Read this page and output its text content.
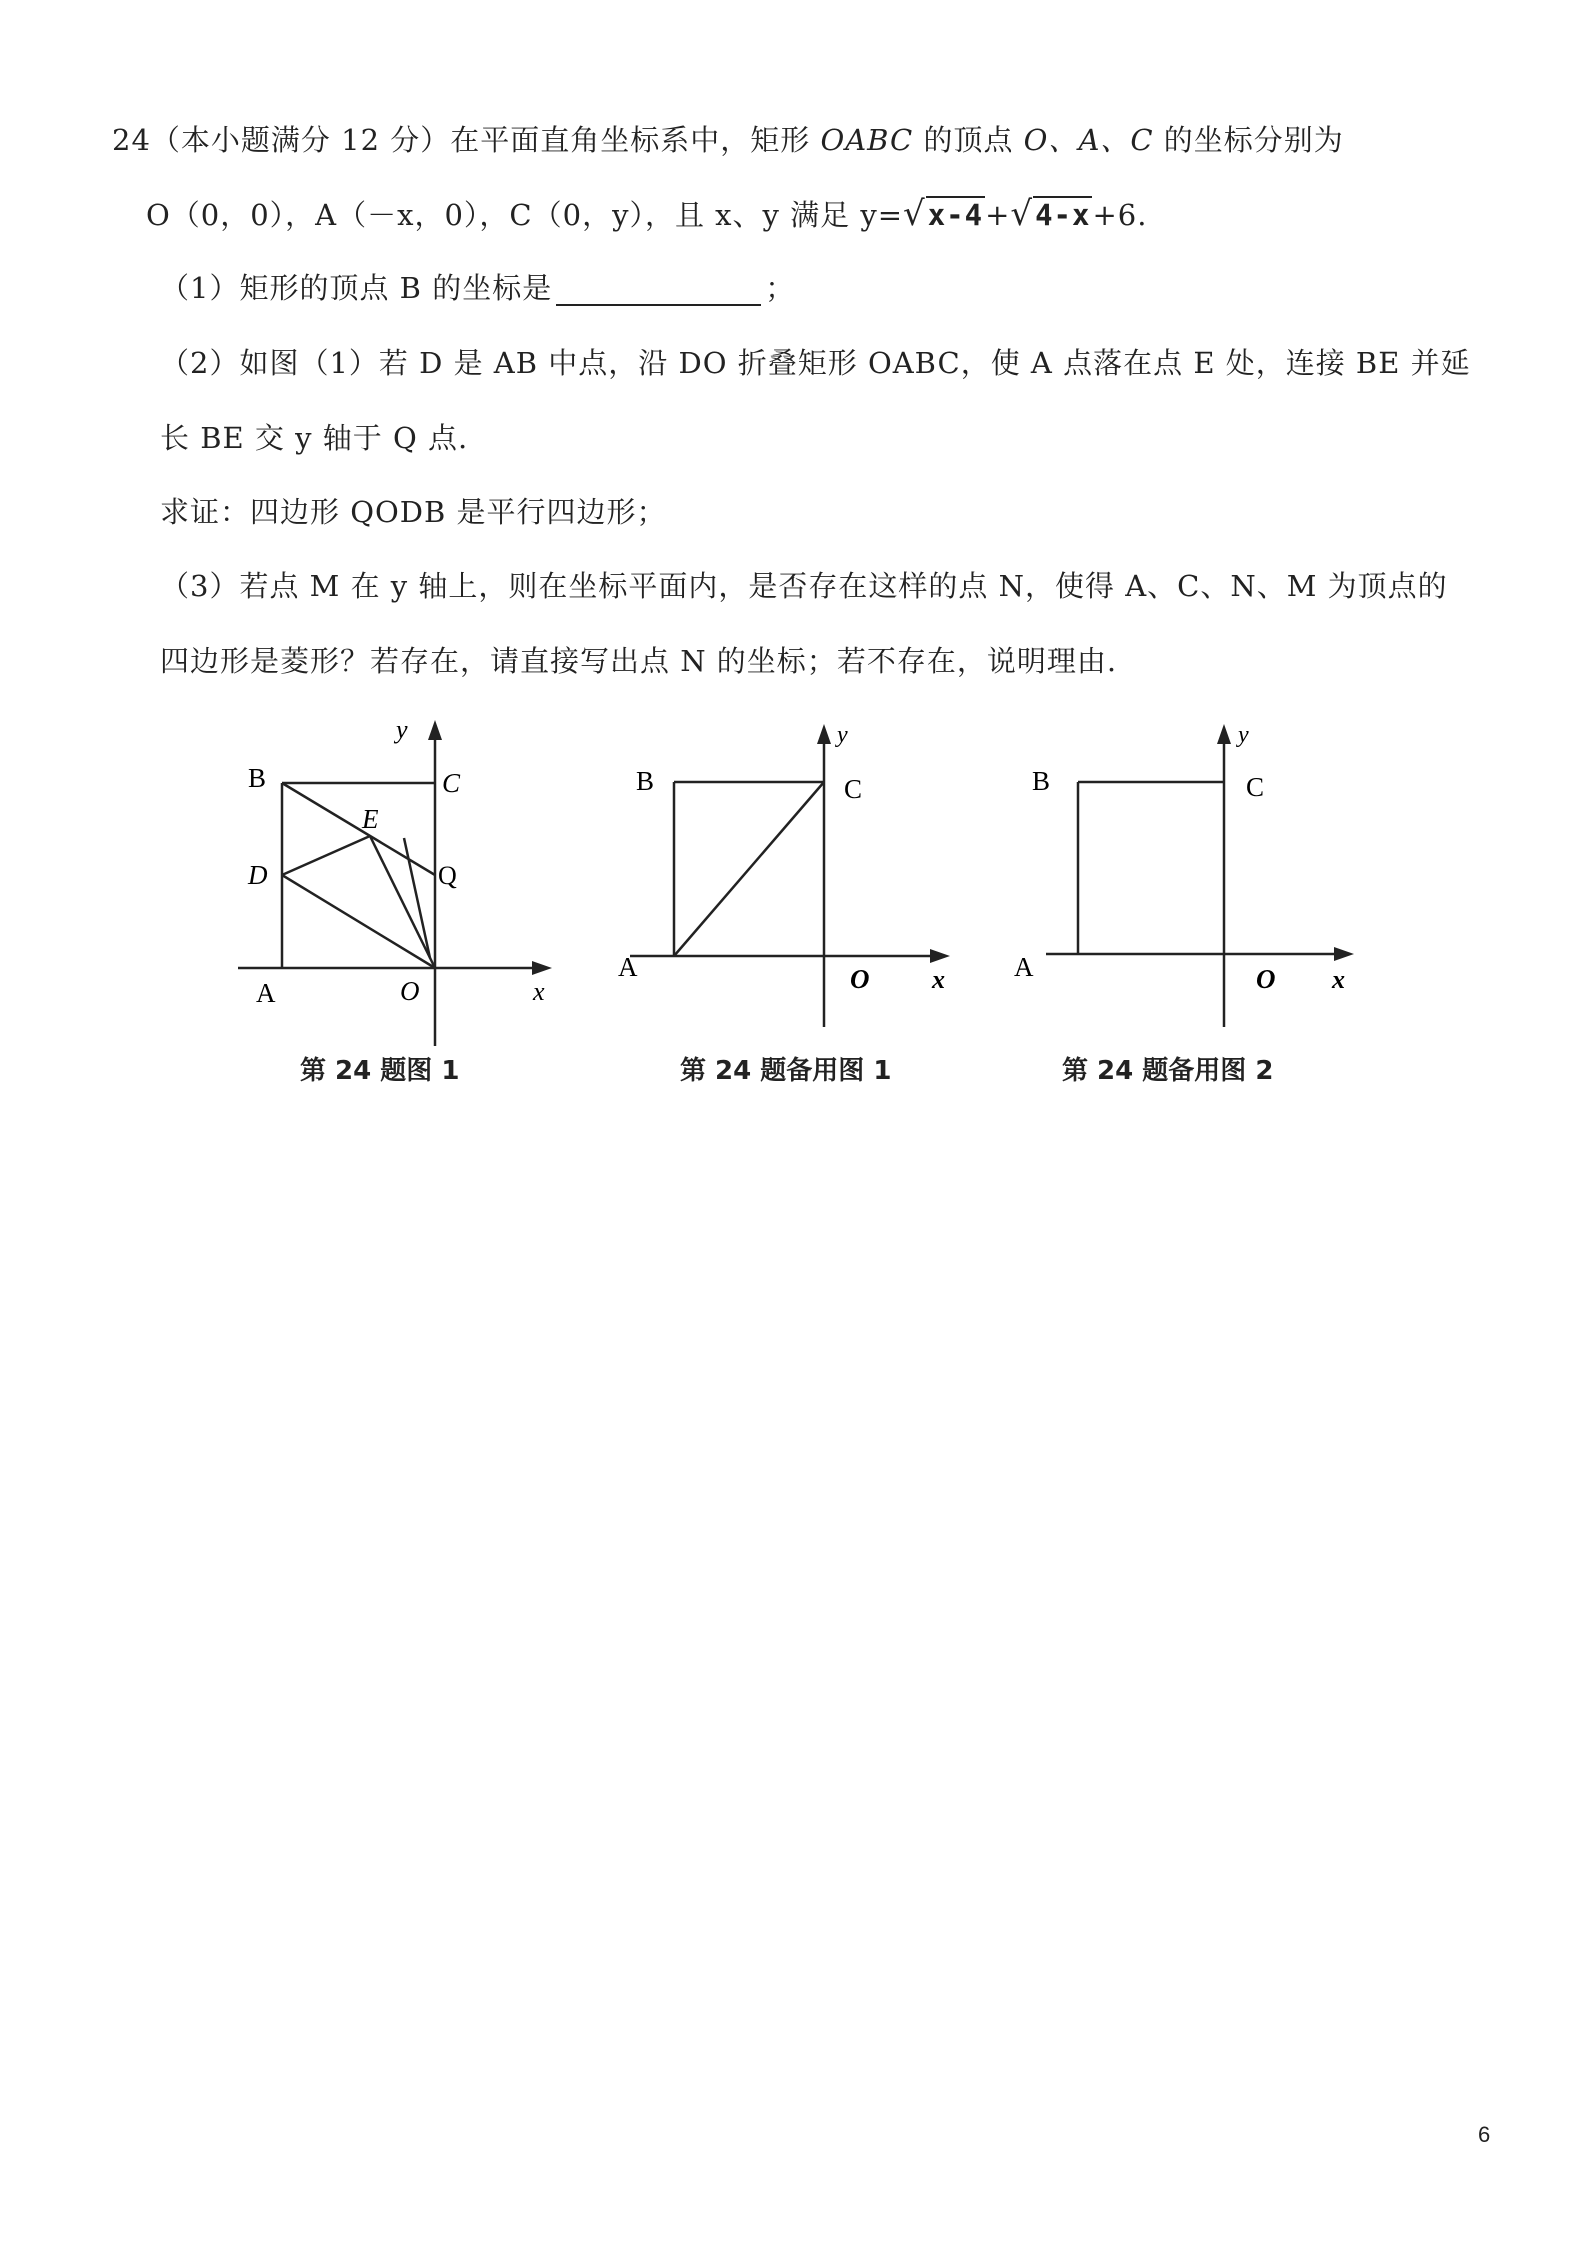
24（本小题满分 12 分）在平面直角坐标系中，矩形 OABC 的顶点 O、A、C 的坐标分别为
O（0，0），A（－x，0），C（0，y），且 x、y 满足 y=√x-4+√4-x+6.
（1）矩形的顶点 B 的坐标是	；
（2）如图（1）若 D 是 AB 中点，沿 DO 折叠矩形 OABC，使 A 点落在点 E 处，连接 BE 并延
长 BE 交 y 轴于 Q 点.
求证：四边形 QODB 是平行四边形；
（3）若点 M 在 y 轴上，则在坐标平面内，是否存在这样的点 N，使得 A、C、N、M 为顶点的
四边形是菱形？若存在，请直接写出点 N 的坐标；若不存在，说明理由.
y
x
B	C
E
D	Q
A	O
第 24 题图 1
y
x
B	C
A	O
第 24 题备用图 1
y
x
B	C
A	O
第 24 题备用图 2
6
